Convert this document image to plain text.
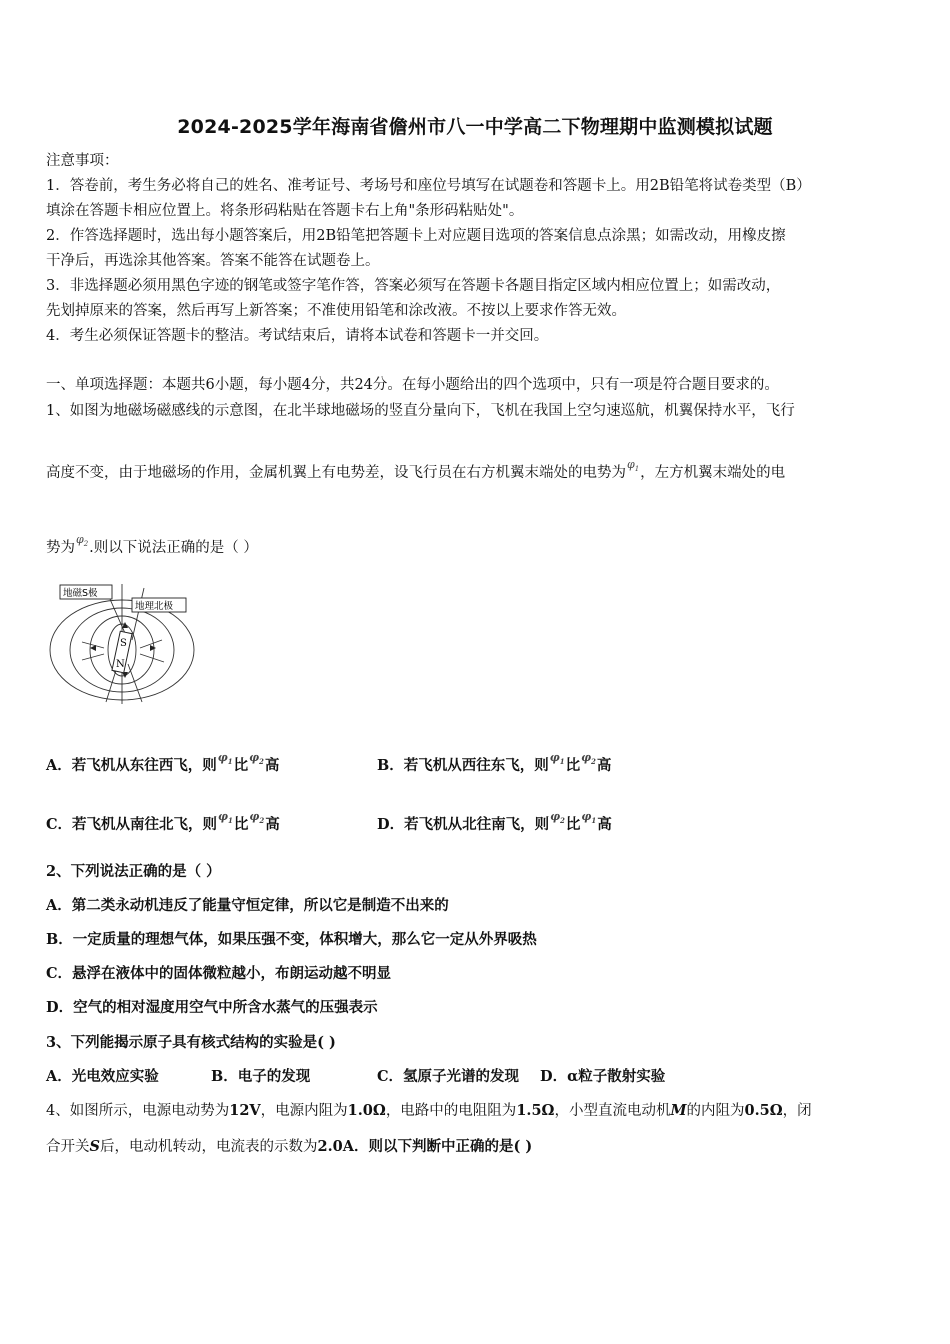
2024-2025学年海南省儋州市八一中学高二下物理期中监测模拟试题
注意事项：
1．答卷前，考生务必将自己的姓名、准考证号、考场号和座位号填写在试题卷和答题卡上。用2B铅笔将试卷类型（B）
填涂在答题卡相应位置上。将条形码粘贴在答题卡右上角"条形码粘贴处"。
2．作答选择题时，选出每小题答案后，用2B铅笔把答题卡上对应题目选项的答案信息点涂黑；如需改动，用橡皮擦
干净后，再选涂其他答案。答案不能答在试题卷上。
3．非选择题必须用黑色字迹的钢笔或签字笔作答，答案必须写在答题卡各题目指定区域内相应位置上；如需改动，
先划掉原来的答案，然后再写上新答案；不准使用铅笔和涂改液。不按以上要求作答无效。
4．考生必须保证答题卡的整洁。考试结束后，请将本试卷和答题卡一并交回。
一、单项选择题：本题共6小题，每小题4分，共24分。在每小题给出的四个选项中，只有一项是符合题目要求的。
1、如图为地磁场磁感线的示意图，在北半球地磁场的竖直分量向下，飞机在我国上空匀速巡航，机翼保持水平，飞行
高度不变，由于地磁场的作用，金属机翼上有电势差，设飞行员在右方机翼末端处的电势为$^{\varphi_1}$，左方机翼末端处的电
势为$^{\varphi_2}$.则以下说法正确的是（ ）
S
N
地磁S极
地理北极
A．若飞机从东往西飞，则$^{\varphi_1}$比$^{\varphi_2}$高	B．若飞机从西往东飞，则$^{\varphi_1}$比$^{\varphi_2}$高
C．若飞机从南往北飞，则$^{\varphi_1}$比$^{\varphi_2}$高	D．若飞机从北往南飞，则$^{\varphi_2}$比$^{\varphi_1}$高
2、下列说法正确的是（ ）
A．第二类永动机违反了能量守恒定律，所以它是制造不出来的
B．一定质量的理想气体，如果压强不变，体积增大，那么它一定从外界吸热
C．悬浮在液体中的固体微粒越小，布朗运动越不明显
D．空气的相对湿度用空气中所含水蒸气的压强表示
3、下列能揭示原子具有核式结构的实验是( )
A．光电效应实验	B．电子的发现	C．氢原子光谱的发现 D．α粒子散射实验
4、如图所示，电源电动势为12V，电源内阻为1.0Ω，电路中的电阻阻为1.5Ω，小型直流电动机M的内阻为0.5Ω，闭
合开关S后，电动机转动，电流表的示数为2.0A．则以下判断中正确的是( )
